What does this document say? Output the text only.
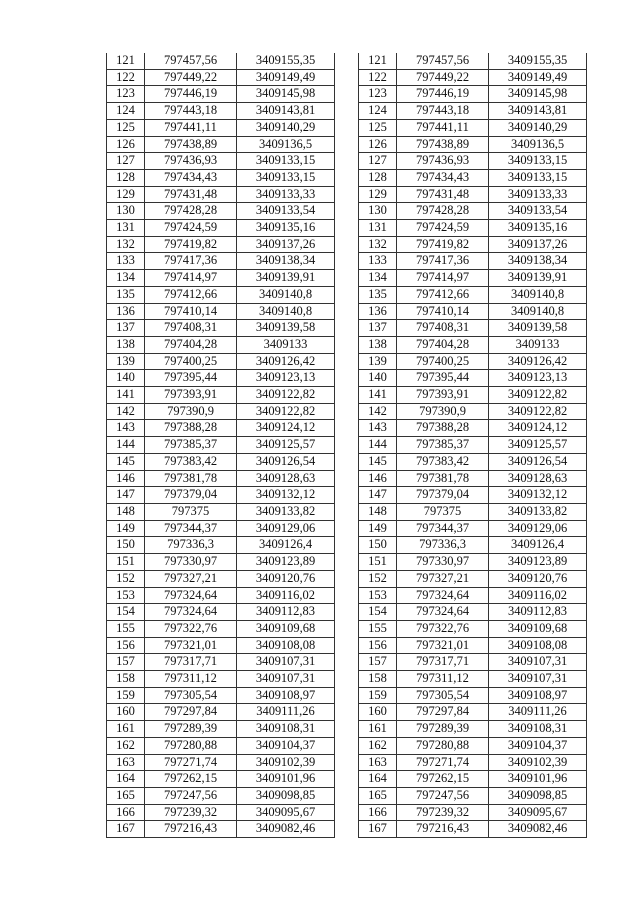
121	797457,56	3409155,35
122	797449,22	3409149,49
123	797446,19	3409145,98
124	797443,18	3409143,81
125	797441,11	3409140,29
126	797438,89	3409136,5
127	797436,93	3409133,15
128	797434,43	3409133,15
129	797431,48	3409133,33
130	797428,28	3409133,54
131	797424,59	3409135,16
132	797419,82	3409137,26
133	797417,36	3409138,34
134	797414,97	3409139,91
135	797412,66	3409140,8
136	797410,14	3409140,8
137	797408,31	3409139,58
138	797404,28	3409133
139	797400,25	3409126,42
140	797395,44	3409123,13
141	797393,91	3409122,82
142	797390,9	3409122,82
143	797388,28	3409124,12
144	797385,37	3409125,57
145	797383,42	3409126,54
146	797381,78	3409128,63
147	797379,04	3409132,12
148	797375	3409133,82
149	797344,37	3409129,06
150	797336,3	3409126,4
151	797330,97	3409123,89
152	797327,21	3409120,76
153	797324,64	3409116,02
154	797324,64	3409112,83
155	797322,76	3409109,68
156	797321,01	3409108,08
157	797317,71	3409107,31
158	797311,12	3409107,31
159	797305,54	3409108,97
160	797297,84	3409111,26
161	797289,39	3409108,31
162	797280,88	3409104,37
163	797271,74	3409102,39
164	797262,15	3409101,96
165	797247,56	3409098,85
166	797239,32	3409095,67
167	797216,43	3409082,46
121	797457,56	3409155,35
122	797449,22	3409149,49
123	797446,19	3409145,98
124	797443,18	3409143,81
125	797441,11	3409140,29
126	797438,89	3409136,5
127	797436,93	3409133,15
128	797434,43	3409133,15
129	797431,48	3409133,33
130	797428,28	3409133,54
131	797424,59	3409135,16
132	797419,82	3409137,26
133	797417,36	3409138,34
134	797414,97	3409139,91
135	797412,66	3409140,8
136	797410,14	3409140,8
137	797408,31	3409139,58
138	797404,28	3409133
139	797400,25	3409126,42
140	797395,44	3409123,13
141	797393,91	3409122,82
142	797390,9	3409122,82
143	797388,28	3409124,12
144	797385,37	3409125,57
145	797383,42	3409126,54
146	797381,78	3409128,63
147	797379,04	3409132,12
148	797375	3409133,82
149	797344,37	3409129,06
150	797336,3	3409126,4
151	797330,97	3409123,89
152	797327,21	3409120,76
153	797324,64	3409116,02
154	797324,64	3409112,83
155	797322,76	3409109,68
156	797321,01	3409108,08
157	797317,71	3409107,31
158	797311,12	3409107,31
159	797305,54	3409108,97
160	797297,84	3409111,26
161	797289,39	3409108,31
162	797280,88	3409104,37
163	797271,74	3409102,39
164	797262,15	3409101,96
165	797247,56	3409098,85
166	797239,32	3409095,67
167	797216,43	3409082,46
